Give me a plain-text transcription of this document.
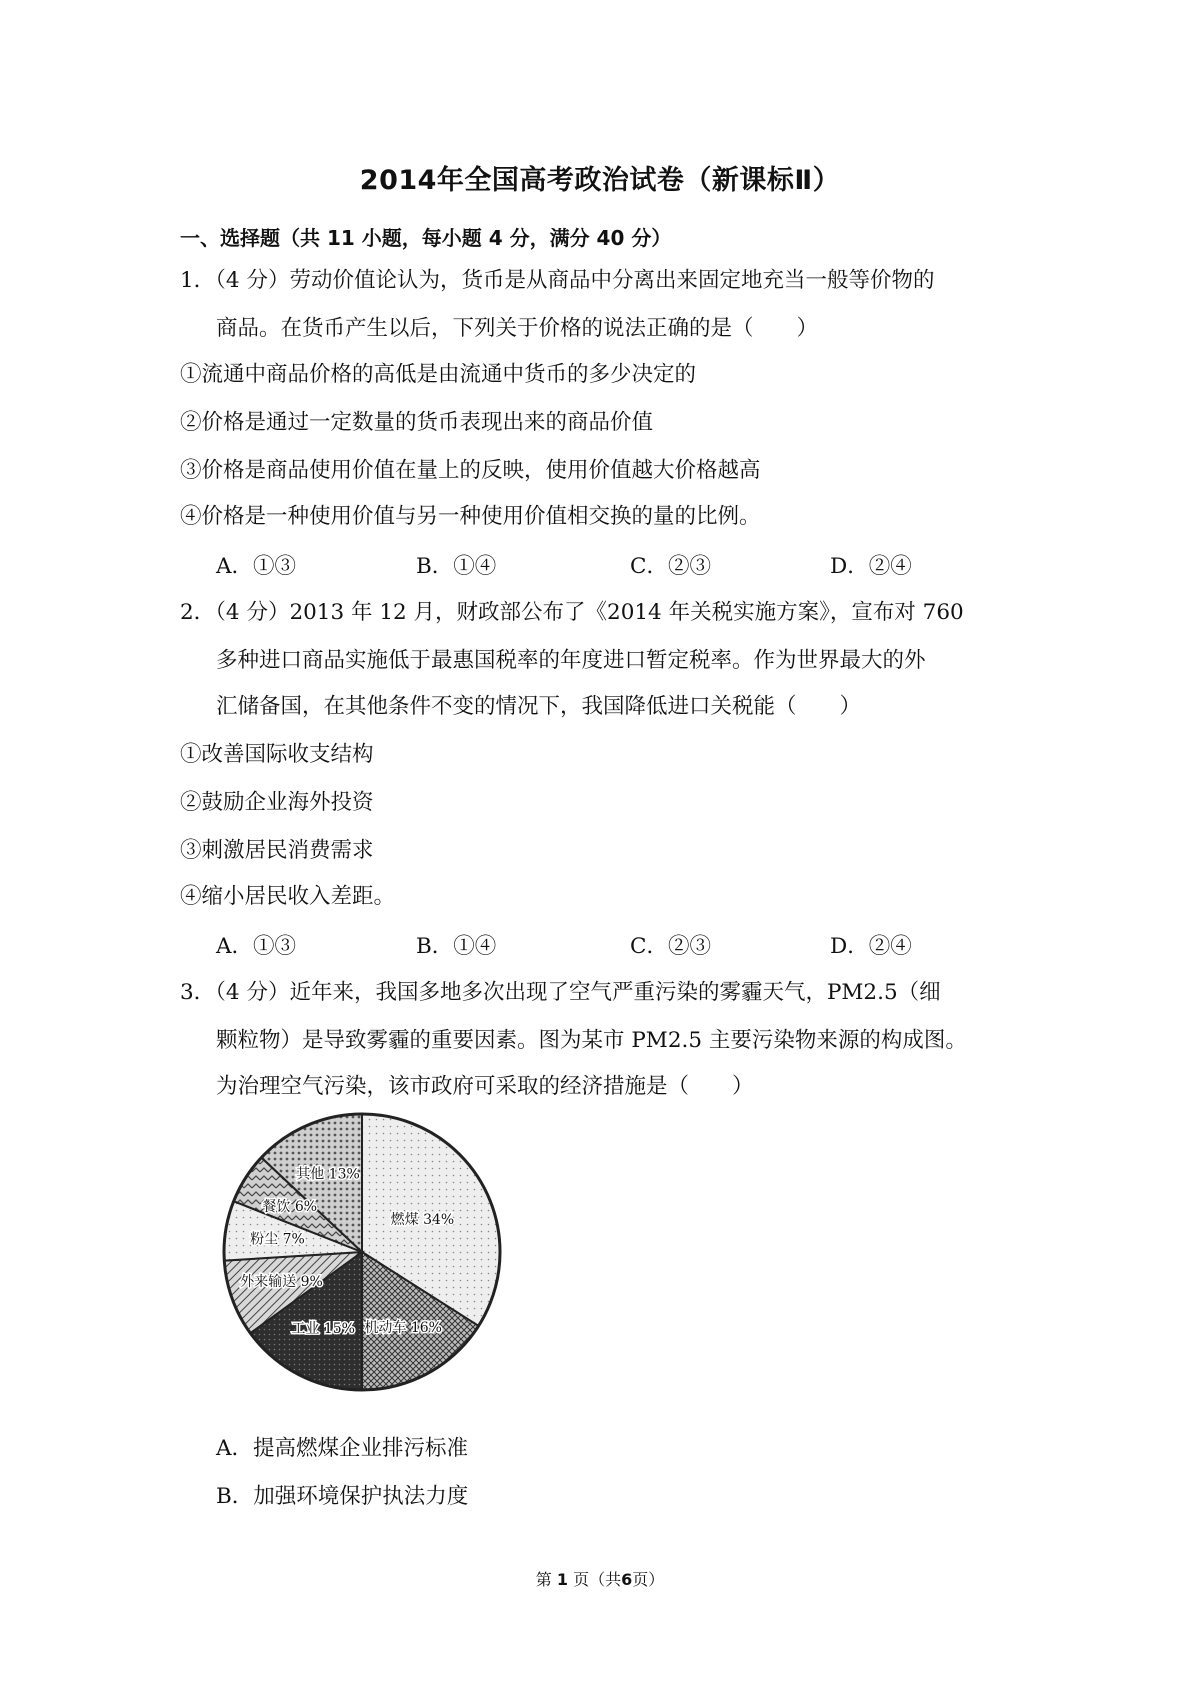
2014年全国高考政治试卷（新课标Ⅱ）
一、选择题（共 11 小题，每小题 4 分，满分 40 分）
1．（4 分）劳动价值论认为，货币是从商品中分离出来固定地充当一般等价物的
商品。在货币产生以后，下列关于价格的说法正确的是（　　）
①流通中商品价格的高低是由流通中货币的多少决定的
②价格是通过一定数量的货币表现出来的商品价值
③价格是商品使用价值在量上的反映，使用价值越大价格越高
④价格是一种使用价值与另一种使用价值相交换的量的比例。
A．①③	B．①④	C．②③	D．②④
2．（4 分）2013 年 12 月，财政部公布了《2014 年关税实施方案》，宣布对 760
多种进口商品实施低于最惠国税率的年度进口暂定税率。作为世界最大的外
汇储备国，在其他条件不变的情况下，我国降低进口关税能（　　）
①改善国际收支结构
②鼓励企业海外投资
③刺激居民消费需求
④缩小居民收入差距。
A．①③	B．①④	C．②③	D．②④
3．（4 分）近年来，我国多地多次出现了空气严重污染的雾霾天气，PM2.5（细
颗粒物）是导致雾霾的重要因素。图为某市 PM2.5 主要污染物来源的构成图。
为治理空气污染，该市政府可采取的经济措施是（　　）
燃煤 34%
机动车 16%
工业 15%
外来输送 9%
粉尘 7%
餐饮 6%
其他 13%
A．提高燃煤企业排污标准
B．加强环境保护执法力度
第 1 页（共6页）
